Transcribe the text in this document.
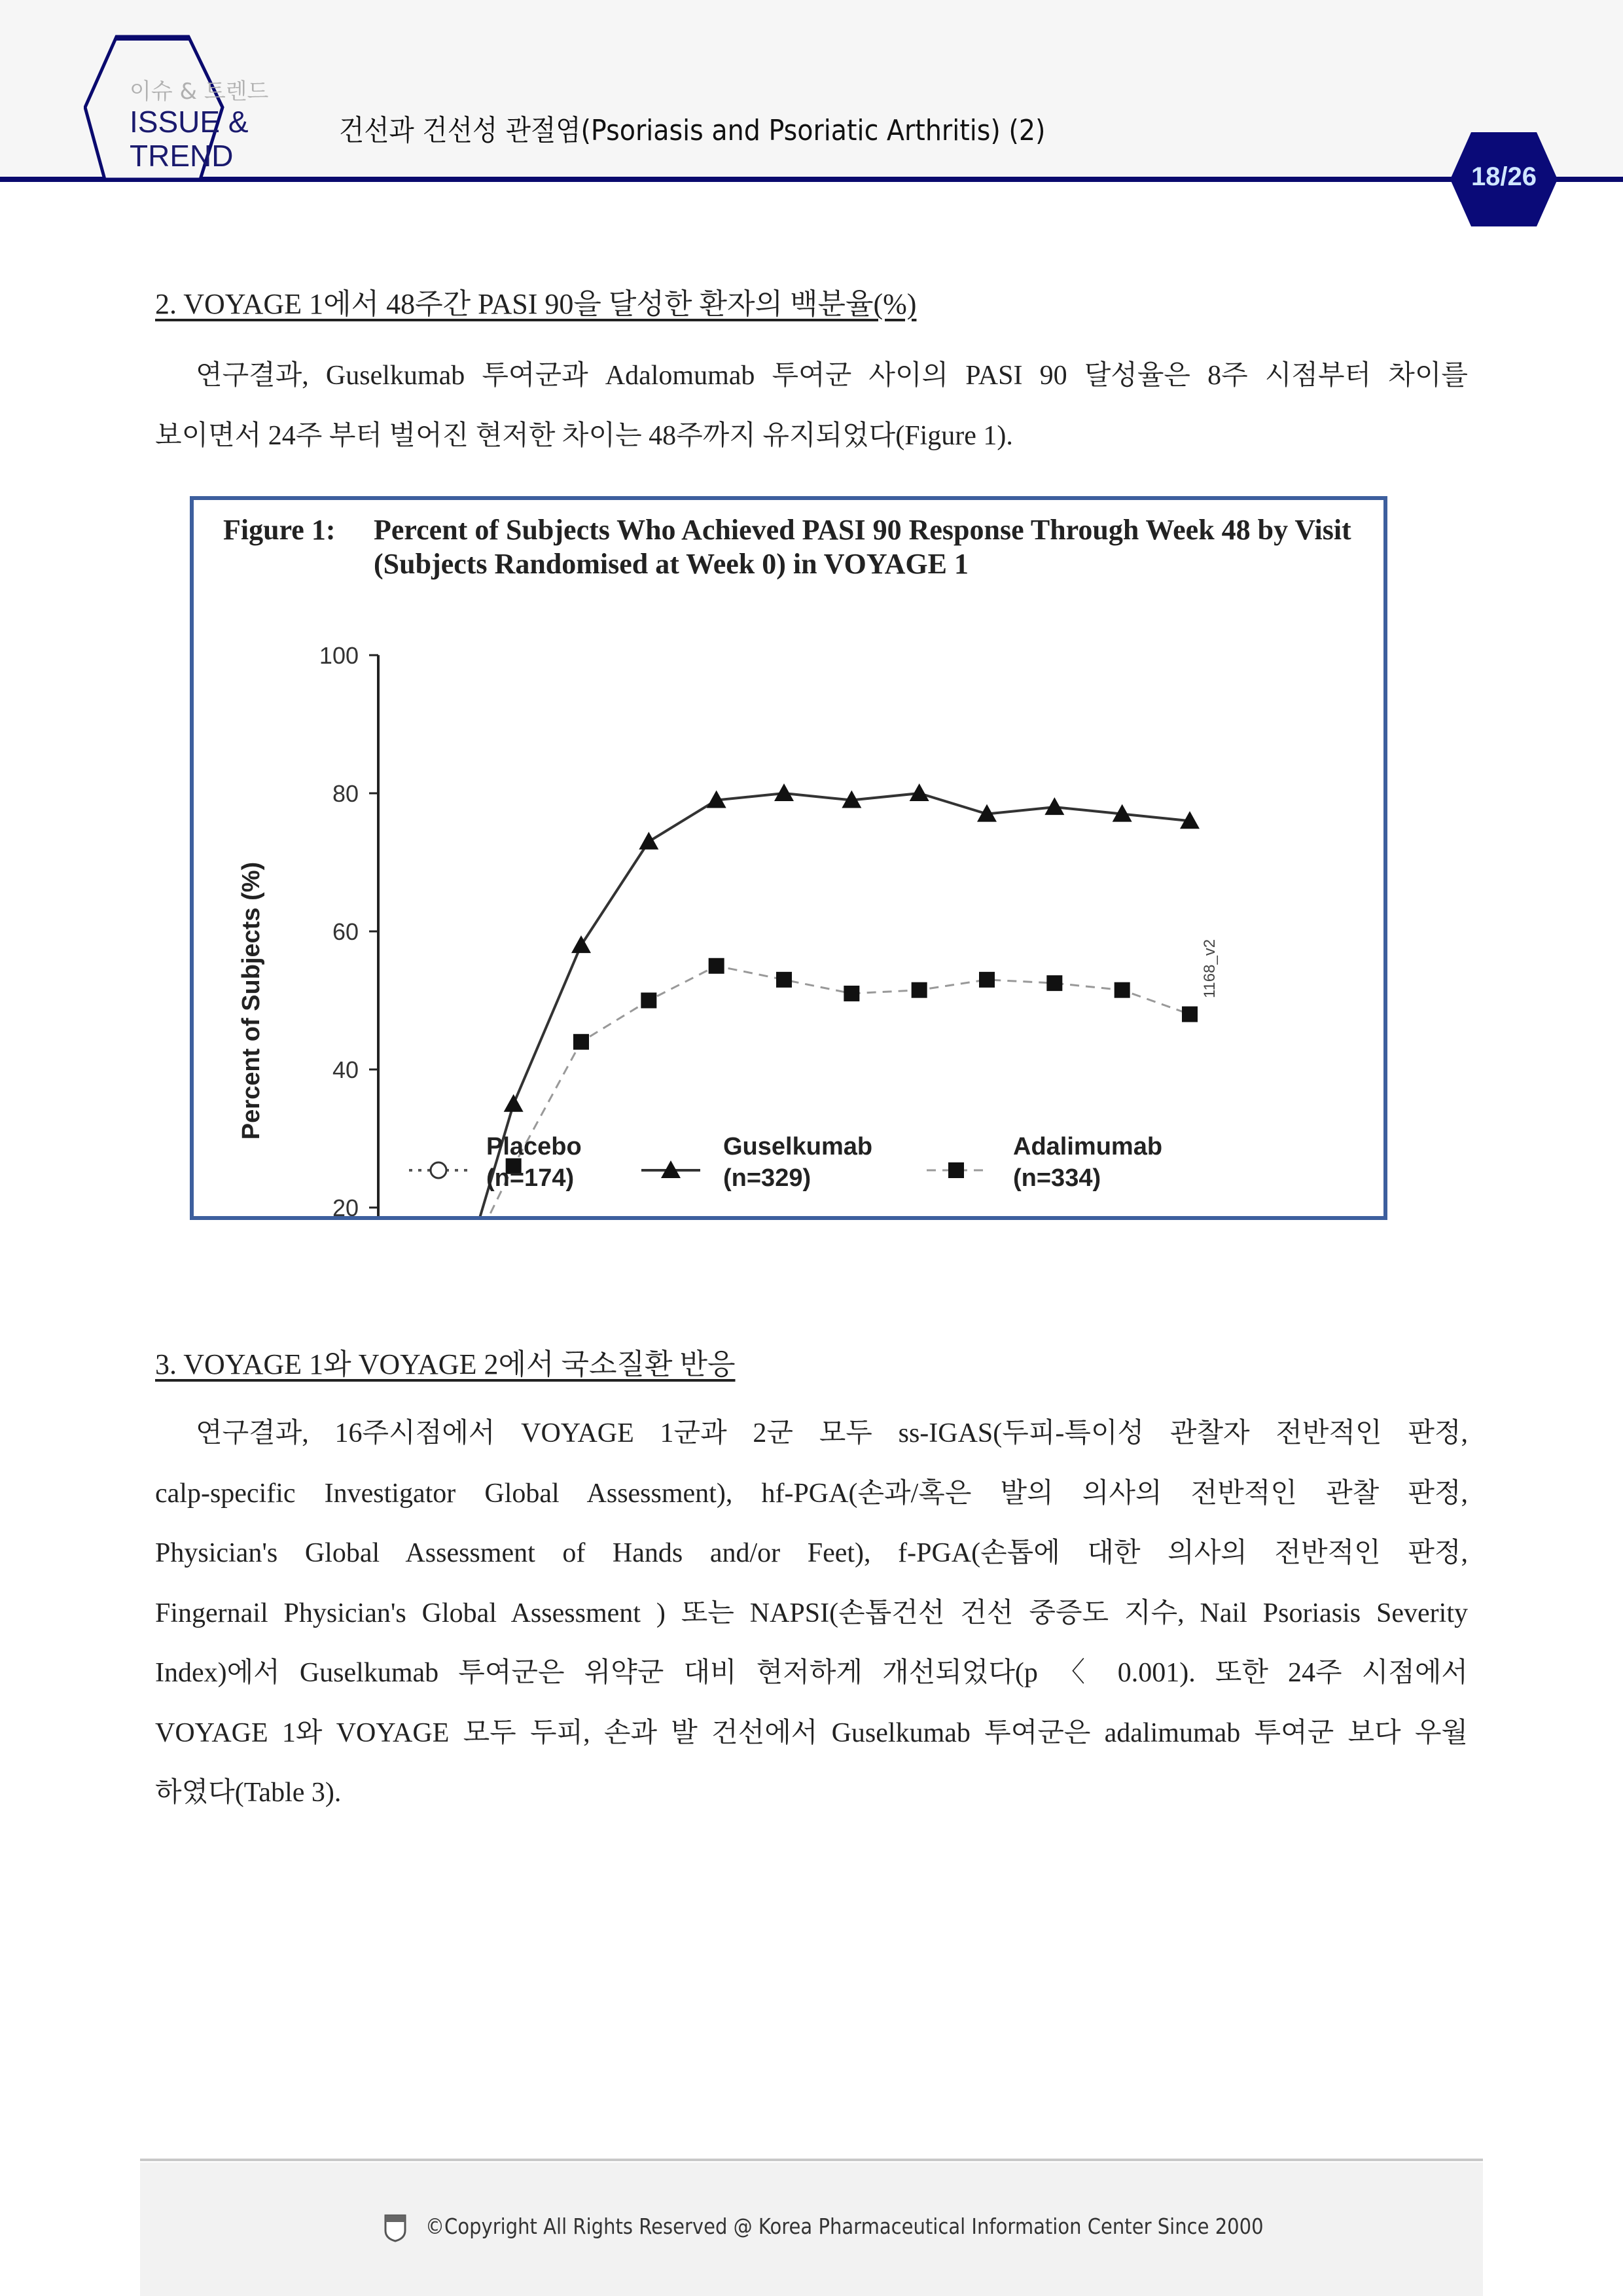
이슈 & 트렌드
ISSUE &
TREND
건선과 건선성 관절염(Psoriasis and Psoriatic Arthritis) (2)
18/26
2. VOYAGE 1에서 48주간 PASI 90을 달성한 환자의 백분율(%)
연구결과, Guselkumab 투여군과 Adalomumab 투여군 사이의 PASI 90 달성율은 8주 시점부터 차이를
보이면서 24주 부터 벌어진 현저한 차이는 48주까지 유지되었다(Figure 1).
Figure 1: Percent of Subjects Who Achieved PASI 90 Response Through Week 48 by Visit
(Subjects Randomised at Week 0) in VOYAGE 1
20
40
60
80
100
Percent of Subjects (%)	1168_v2
Placebo
(n=174)
Guselkumab
(n=329)
Adalimumab
(n=334)
3. VOYAGE 1와 VOYAGE 2에서 국소질환 반응
연구결과, 16주시점에서 VOYAGE 1군과 2군 모두 ss-IGAS(두피-특이성 관찰자 전반적인 판정,
calp-specific Investigator Global Assessment), hf-PGA(손과/혹은 발의 의사의 전반적인 관찰 판정,
Physician's Global Assessment of Hands and/or Feet), f-PGA(손톱에 대한 의사의 전반적인 판정,
Fingernail Physician's Global Assessment ) 또는 NAPSI(손톱건선 건선 중증도 지수, Nail Psoriasis Severity
Index)에서 Guselkumab 투여군은 위약군 대비 현저하게 개선되었다(p 〈 0.001). 또한 24주 시점에서
VOYAGE 1와 VOYAGE 모두 두피, 손과 발 건선에서 Guselkumab 투여군은 adalimumab 투여군 보다 우월
하였다(Table 3).
©Copyright All Rights Reserved @ Korea Pharmaceutical Information Center Since 2000
